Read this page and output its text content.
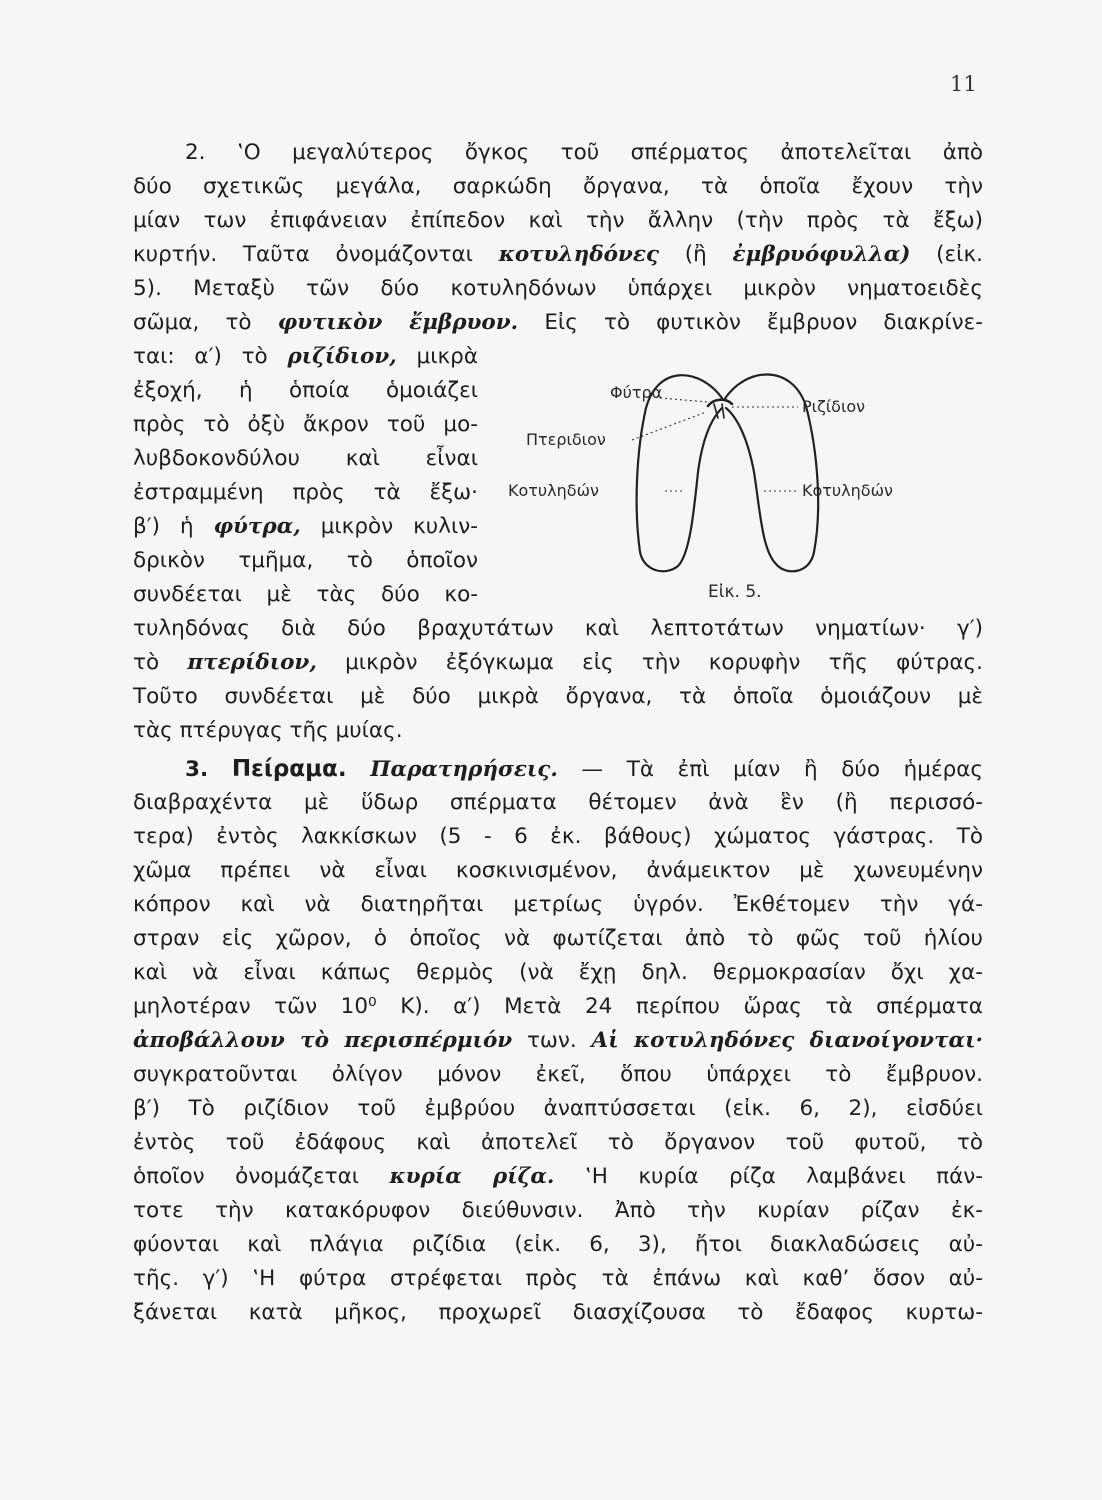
11
2. ‛Ο μεγαλύτερος ὄγκος τοῦ σπέρματος ἀποτελεῖται ἀπὸ
δύο σχετικῶς μεγάλα, σαρκώδη ὄργανα, τὰ ὁποῖα ἔχουν τὴν
μίαν των ἐπιφάνειαν ἐπίπεδον καὶ τὴν ἄλλην (τὴν πρὸς τὰ ἔξω)
κυρτήν. Ταῦτα ὀνομάζονται κοτυληδόνες (ἢ ἐμβρυόφυλλα) (εἰκ.
5). Μεταξὺ τῶν δύο κοτυληδόνων ὑπάρχει μικρὸν νηματοειδὲς
σῶμα, τὸ φυτικὸν ἔμβρυον. Εἰς τὸ φυτικὸν ἔμβρυον διακρίνε-
ται: α′) τὸ ριζίδιον, μικρὰ
ἐξοχή, ἡ ὁποία ὁμοιάζει
πρὸς τὸ ὀξὺ ἄκρον τοῦ μο-
λυβδοκονδύλου καὶ εἶναι
ἐστραμμένη πρὸς τὰ ἔξω·
β′) ἡ φύτρα, μικρὸν κυλιν-
δρικὸν τμῆμα, τὸ ὁποῖον
συνδέεται μὲ τὰς δύο κο-
τυληδόνας διὰ δύο βραχυτάτων καὶ λεπτοτάτων νηματίων· γ′)
τὸ πτερίδιον, μικρὸν ἐξόγκωμα εἰς τὴν κορυφὴν τῆς φύτρας.
Τοῦτο συνδέεται μὲ δύο μικρὰ ὄργανα, τὰ ὁποῖα ὁμοιάζουν μὲ
τὰς πτέρυγας τῆς μυίας.
3. Πείραμα. Παρατηρήσεις. — Τὰ ἐπὶ μίαν ἢ δύο ἡμέρας
διαβραχέντα μὲ ὕδωρ σπέρματα θέτομεν ἀνὰ ἓν (ἢ περισσό-
τερα) ἐντὸς λακκίσκων (5 - 6 ἐκ. βάθους) χώματος γάστρας. Τὸ
χῶμα πρέπει νὰ εἶναι κοσκινισμένον, ἀνάμεικτον μὲ χωνευμένην
κόπρον καὶ νὰ διατηρῆται μετρίως ὑγρόν. Ἐκθέτομεν τὴν γά-
στραν εἰς χῶρον, ὁ ὁποῖος νὰ φωτίζεται ἀπὸ τὸ φῶς τοῦ ἡλίου
καὶ νὰ εἶναι κάπως θερμὸς (νὰ ἔχῃ δηλ. θερμοκρασίαν ὄχι χα-
μηλοτέραν τῶν 10⁰ Κ). α′) Μετὰ 24 περίπου ὥρας τὰ σπέρματα
ἀποβάλλουν τὸ περισπέρμιόν των. Αἱ κοτυληδόνες διανοίγονται·
συγκρατοῦνται ὀλίγον μόνον ἐκεῖ, ὅπου ὑπάρχει τὸ ἔμβρυον.
β′) Τὸ ριζίδιον τοῦ ἐμβρύου ἀναπτύσσεται (εἰκ. 6, 2), εἰσδύει
ἐντὸς τοῦ ἐδάφους καὶ ἀποτελεῖ τὸ ὄργανον τοῦ φυτοῦ, τὸ
ὁποῖον ὀνομάζεται κυρία ρίζα. ‛Η κυρία ρίζα λαμβάνει πάν-
τοτε τὴν κατακόρυφον διεύθυνσιν. Ἀπὸ τὴν κυρίαν ρίζαν ἐκ-
φύονται καὶ πλάγια ριζίδια (εἰκ. 6, 3), ἤτοι διακλαδώσεις αὐ-
τῆς. γ′) ‛Η φύτρα στρέφεται πρὸς τὰ ἐπάνω καὶ καθ’ ὅσον αὐ-
ξάνεται κατὰ μῆκος, προχωρεῖ διασχίζουσα τὸ ἔδαφος κυρτω-
Φύτρα
Ριζίδιον
Πτεριδιον
Κοτυληδών	Κοτυληδών
Εἰκ. 5.
